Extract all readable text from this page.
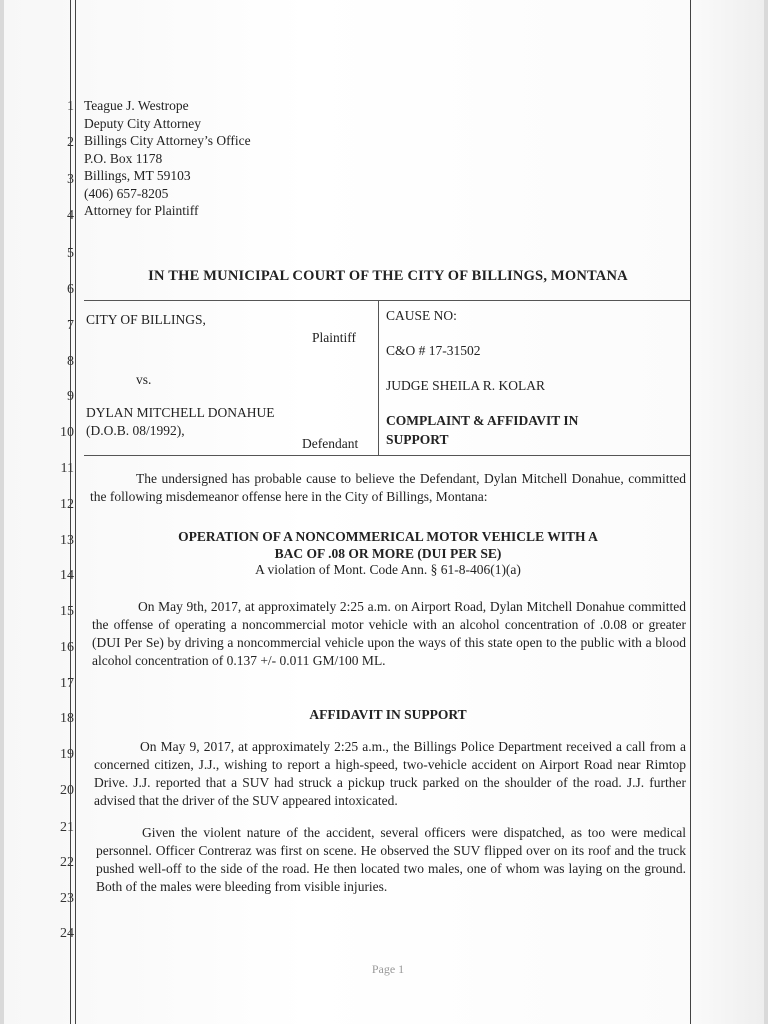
1
2
3
4
5
6
7
8
9
10
11
12
13
14
15
16
17
18
19
20
21
22
23
24
Teague J. Westrope
Deputy City Attorney
Billings City Attorney’s Office
P.O. Box 1178
Billings, MT 59103
(406) 657-8205
Attorney for Plaintiff
IN THE MUNICIPAL COURT OF THE CITY OF BILLINGS, MONTANA
CITY OF BILLINGS,
Plaintiff
vs.
DYLAN MITCHELL DONAHUE
(D.O.B. 08/1992),
Defendant
CAUSE NO:
C&O # 17-31502
JUDGE SHEILA R. KOLAR
COMPLAINT & AFFIDAVIT IN
SUPPORT
The undersigned has probable cause to believe the Defendant, Dylan Mitchell Donahue, committed the following misdemeanor offense here in the City of Billings, Montana:
OPERATION OF A NONCOMMERICAL MOTOR VEHICLE WITH A
BAC OF .08 OR MORE (DUI PER SE)
A violation of Mont. Code Ann. § 61-8-406(1)(a)
On May 9th, 2017, at approximately 2:25 a.m. on Airport Road, Dylan Mitchell Donahue committed the offense of operating a noncommercial motor vehicle with an alcohol concentration of .0.08 or greater (DUI Per Se) by driving a noncommercial vehicle upon the ways of this state open to the public with a blood alcohol concentration of 0.137 +/- 0.011 GM/100 ML.
AFFIDAVIT IN SUPPORT
On May 9, 2017, at approximately 2:25 a.m., the Billings Police Department received a call from a concerned citizen, J.J., wishing to report a high-speed, two-vehicle accident on Airport Road near Rimtop Drive. J.J. reported that a SUV had struck a pickup truck parked on the shoulder of the road. J.J. further advised that the driver of the SUV appeared intoxicated.
Given the violent nature of the accident, several officers were dispatched, as too were medical personnel. Officer Contreraz was first on scene. He observed the SUV flipped over on its roof and the truck pushed well-off to the side of the road. He then located two males, one of whom was laying on the ground. Both of the males were bleeding from visible injuries.
Page 1
